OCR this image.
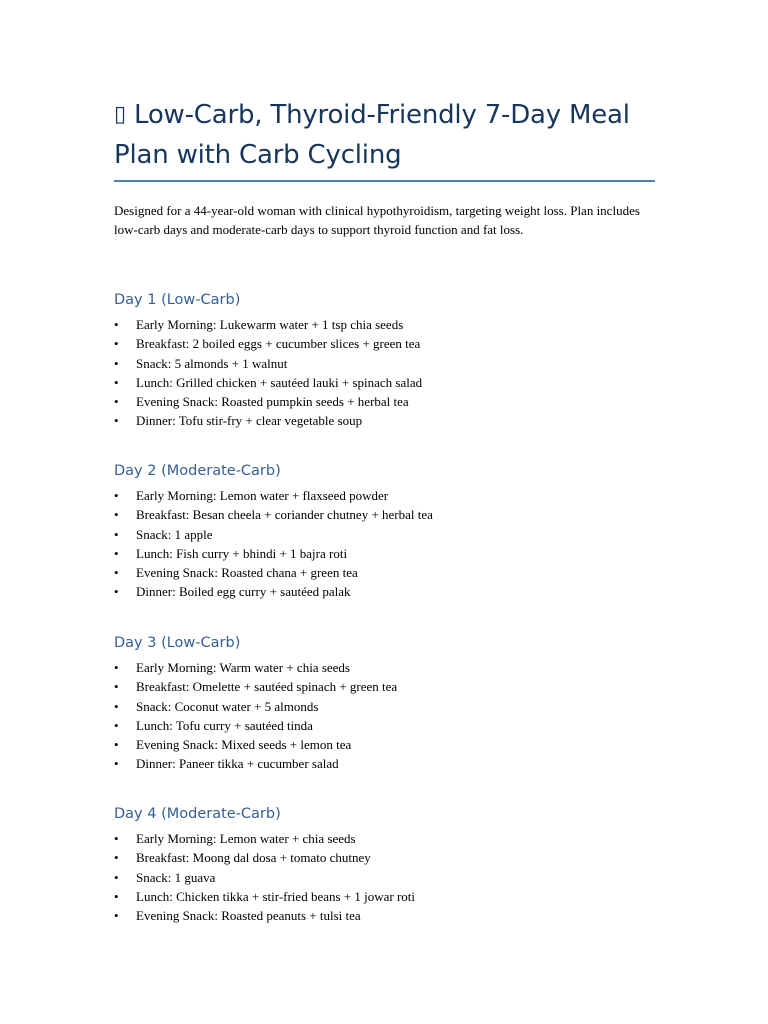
▯ Low-Carb, Thyroid-Friendly 7-Day Meal Plan with Carb Cycling

Designed for a 44-year-old woman with clinical hypothyroidism, targeting weight loss. Plan includes low-carb days and moderate-carb days to support thyroid function and fat loss.

Day 1 (Low-Carb)
• Early Morning: Lukewarm water + 1 tsp chia seeds
• Breakfast: 2 boiled eggs + cucumber slices + green tea
• Snack: 5 almonds + 1 walnut
• Lunch: Grilled chicken + sautéed lauki + spinach salad
• Evening Snack: Roasted pumpkin seeds + herbal tea
• Dinner: Tofu stir-fry + clear vegetable soup
Day 2 (Moderate-Carb)
• Early Morning: Lemon water + flaxseed powder
• Breakfast: Besan cheela + coriander chutney + herbal tea
• Snack: 1 apple
• Lunch: Fish curry + bhindi + 1 bajra roti
• Evening Snack: Roasted chana + green tea
• Dinner: Boiled egg curry + sautéed palak
Day 3 (Low-Carb)
• Early Morning: Warm water + chia seeds
• Breakfast: Omelette + sautéed spinach + green tea
• Snack: Coconut water + 5 almonds
• Lunch: Tofu curry + sautéed tinda
• Evening Snack: Mixed seeds + lemon tea
• Dinner: Paneer tikka + cucumber salad
Day 4 (Moderate-Carb)
• Early Morning: Lemon water + chia seeds
• Breakfast: Moong dal dosa + tomato chutney
• Snack: 1 guava
• Lunch: Chicken tikka + stir-fried beans + 1 jowar roti
• Evening Snack: Roasted peanuts + tulsi tea
